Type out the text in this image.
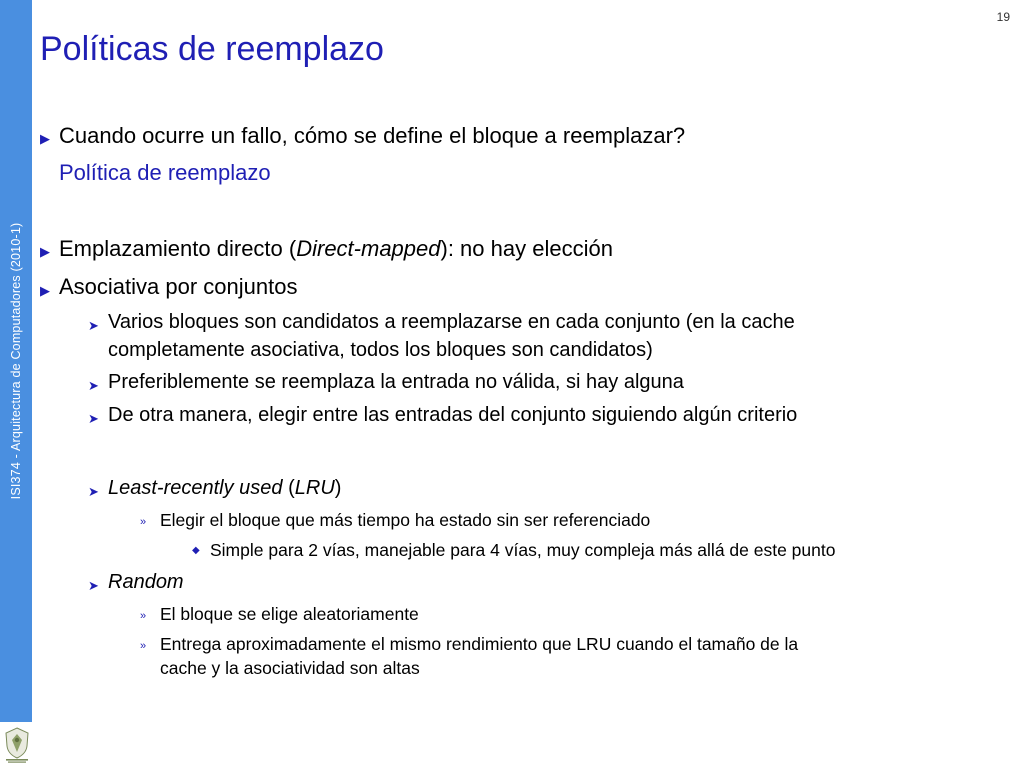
ISI374 - Arquitectura de Computadores (2010-1)
19
Políticas de reemplazo
▶ Cuando ocurre un fallo, cómo se define el bloque a reemplazar?
Política de reemplazo
▶ Emplazamiento directo (Direct-mapped): no hay elección
▶ Asociativa por conjuntos
➤ Varios bloques son candidatos a reemplazarse en cada conjunto (en la cache
completamente asociativa, todos los bloques son candidatos)
➤ Preferiblemente se reemplaza la entrada no válida, si hay alguna
➤ De otra manera, elegir entre las entradas del conjunto siguiendo algún criterio
➤ Least-recently used (LRU)
» Elegir el bloque que más tiempo ha estado sin ser referenciado
◆ Simple para 2 vías, manejable para 4 vías, muy compleja más allá de este punto
➤ Random
» El bloque se elige aleatoriamente
» Entrega aproximadamente el mismo rendimiento que LRU cuando el tamaño de la
cache y la asociatividad son altas
